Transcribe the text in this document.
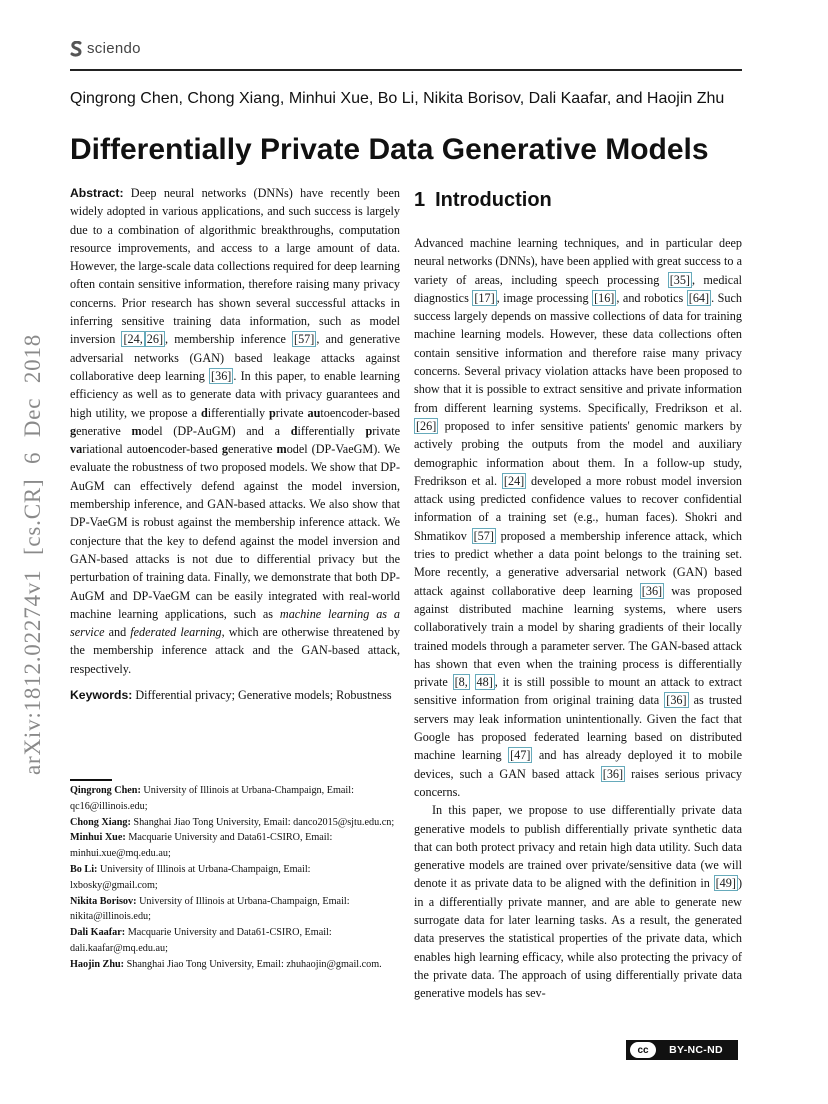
arXiv:1812.02274v1 [cs.CR] 6 Dec 2018
sciendo
Qingrong Chen, Chong Xiang, Minhui Xue, Bo Li, Nikita Borisov, Dali Kaafar, and Haojin Zhu
Differentially Private Data Generative Models

Abstract: Deep neural networks (DNNs) have recently been widely adopted in various applications, and such success is largely due to a combination of algorithmic breakthroughs, computation resource improvements, and access to a large amount of data. However, the large-scale data collections required for deep learning often contain sensitive information, therefore raising many privacy concerns. Prior research has shown several successful attacks in inferring sensitive training data information, such as model inversion [24, 26] , membership inference [57] , and generative adversarial networks (GAN) based leakage attacks against collaborative deep learning [36] . In this paper, to enable learning efficiency as well as to generate data with privacy guarantees and high utility, we propose a differentially private autoencoder-based generative model (DP-AuGM) and a differentially private variational autoencoder-based generative model (DP-VaeGM). We evaluate the robustness of two proposed models. We show that DP-AuGM can effectively defend against the model inversion, membership inference, and GAN-based attacks. We also show that DP-VaeGM is robust against the membership inference attack. We conjecture that the key to defend against the model inversion and GAN-based attacks is not due to differential privacy but the perturbation of training data. Finally, we demonstrate that both DP-AuGM and DP-VaeGM can be easily integrated with real-world machine learning applications, such as machine learning as a service and federated learning, which are otherwise threatened by the membership inference attack and the GAN-based attack, respectively.

Keywords: Differential privacy; Generative models; Robustness

Qingrong Chen: University of Illinois at Urbana-Champaign, Email: qc16@illinois.edu;

Chong Xiang: Shanghai Jiao Tong University, Email: danco2015@sjtu.edu.cn;

Minhui Xue: Macquarie University and Data61-CSIRO, Email: minhui.xue@mq.edu.au;

Bo Li: University of Illinois at Urbana-Champaign, Email: lxbosky@gmail.com;

Nikita Borisov: University of Illinois at Urbana-Champaign, Email: nikita@illinois.edu;

Dali Kaafar: Macquarie University and Data61-CSIRO, Email: dali.kaafar@mq.edu.au;

Haojin Zhu: Shanghai Jiao Tong University, Email: zhuhaojin@gmail.com.

1 Introduction

Advanced machine learning techniques, and in particular deep neural networks (DNNs), have been applied with great success to a variety of areas, including speech processing [35] , medical diagnostics [17] , image processing [16] , and robotics [64] . Such success largely depends on massive collections of data for training machine learning models. However, these data collections often contain sensitive information and therefore raise many privacy concerns. Several privacy violation attacks have been proposed to show that it is possible to extract sensitive and private information from different learning systems. Specifically, Fredrikson et al. [26] proposed to infer sensitive patients' genomic markers by actively probing the outputs from the model and auxiliary demographic information about them. In a follow-up study, Fredrikson et al. [24] developed a more robust model inversion attack using predicted confidence values to recover confidential information of a training set (e.g., human faces). Shokri and Shmatikov [57] proposed a membership inference attack, which tries to predict whether a data point belongs to the training set. More recently, a generative adversarial network (GAN) based attack against collaborative deep learning [36] was proposed against distributed machine learning systems, where users collaboratively train a model by sharing gradients of their locally trained models through a parameter server. The GAN-based attack has shown that even when the training process is differentially private [8, 48] , it is still possible to mount an attack to extract sensitive information from original training data [36] as trusted servers may leak information unintentionally. Given the fact that Google has proposed federated learning based on distributed machine learning [47] and has already deployed it to mobile devices, such a GAN based attack [36] raises serious privacy concerns.

In this paper, we propose to use differentially private data generative models to publish differentially private synthetic data that can both protect privacy and retain high data utility. Such data generative models are trained over private/sensitive data (we will denote it as private data to be aligned with the definition in [49] ) in a differentially private manner, and are able to generate new surrogate data for later learning tasks. As a result, the generated data preserves the statistical properties of the private data, which enables high learning efficacy, while also protecting the privacy of the private data. The approach of using differentially private data generative models has sev-

cc	BY-NC-ND
